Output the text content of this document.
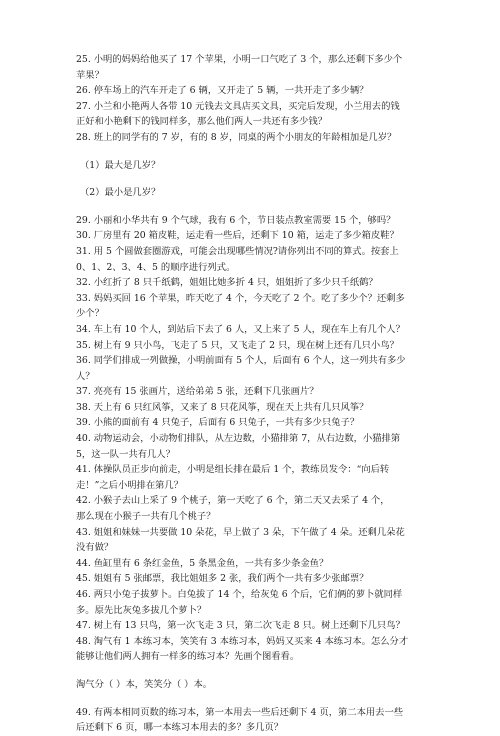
25. 小明的妈妈给他买了 17 个苹果，小明一口气吃了 3 个，那么还剩下多少个
苹果？
26. 停车场上的汽车开走了 6 辆，又开走了 5 辆，一共开走了多少辆？
27. 小兰和小艳两人各带 10 元钱去文具店买文具，买完后发现，小兰用去的钱
正好和小艳剩下的钱同样多，那么他们两人一共还有多少钱？
28. 班上的同学有的 7 岁，有的 8 岁，同桌的两个小朋友的年龄相加是几岁？
（1）最大是几岁？
（2）最小是几岁？
29. 小丽和小华共有 9 个气球，我有 6 个，节日装点教室需要 15 个，够吗？
30. 厂房里有 20 箱皮鞋，运走看一些后，还剩下 10 箱，运走了多少箱皮鞋？
31. 用 5 个圆做套圈游戏，可能会出现哪些情况?请你列出不同的算式。按套上
0、1、2、3、4、5 的顺序进行列式。
32. 小红折了 8 只千纸鹤，姐姐比她多折 4 只，姐姐折了多少只千纸鹤？
33. 妈妈买回 16 个苹果，昨天吃了 4 个，今天吃了 2 个。吃了多少个？还剩多
少个？
34. 车上有 10 个人，到站后下去了 6 人，又上来了 5 人，现在车上有几个人？
35. 树上有 9 只小鸟，飞走了 5 只，又飞走了 2 只，现在树上还有几只小鸟？
36. 同学们排成一列做操，小明前面有 5 个人，后面有 6 个人，这一列共有多少
人？
37. 亮亮有 15 张画片，送给弟弟 5 张，还剩下几张画片？
38. 天上有 6 只红风筝，又来了 8 只花风筝，现在天上共有几只风筝？
39. 小熊的面前有 4 只兔子，后面有 6 只兔子，一共有多少只兔子？
40. 动物运动会，小动物们排队，从左边数，小猫排第 7，从右边数，小猫排第
5，这一队一共有几人？
41. 体操队员正步向前走，小明是组长排在最后 1 个，教练员发令：“向后转
走！”之后小明排在第几？
42. 小猴子去山上采了 9 个桃子，第一天吃了 6 个，第二天又去采了 4 个，
那么现在小猴子一共有几个桃子？
43. 姐姐和妹妹一共要做 10 朵花，早上做了 3 朵，下午做了 4 朵。还剩几朵花
没有做？
44. 鱼缸里有 6 条红金鱼，5 条黑金鱼，一共有多少条金鱼？
45. 姐姐有 5 张邮票，我比姐姐多 2 张，我们两个一共有多少张邮票？
46. 两只小兔子拔萝卜。白兔拔了 14 个，给灰兔 6 个后，它们俩的萝卜就同样
多。原先比灰兔多拔几个萝卜？
47. 树上有 13 只鸟，第一次飞走 3 只，第二次飞走 8 只。树上还剩下几只鸟？
48. 淘气有 1 本练习本，笑笑有 3 本练习本，妈妈又买来 4 本练习本。怎么分才
能够让他们两人拥有一样多的练习本？先画个图看看。
淘气分（ ）本，笑笑分（ ）本。
49. 有两本相同页数的练习本，第一本用去一些后还剩下 4 页，第二本用去一些
后还剩下 6 页，哪一本练习本用去的多？多几页？
